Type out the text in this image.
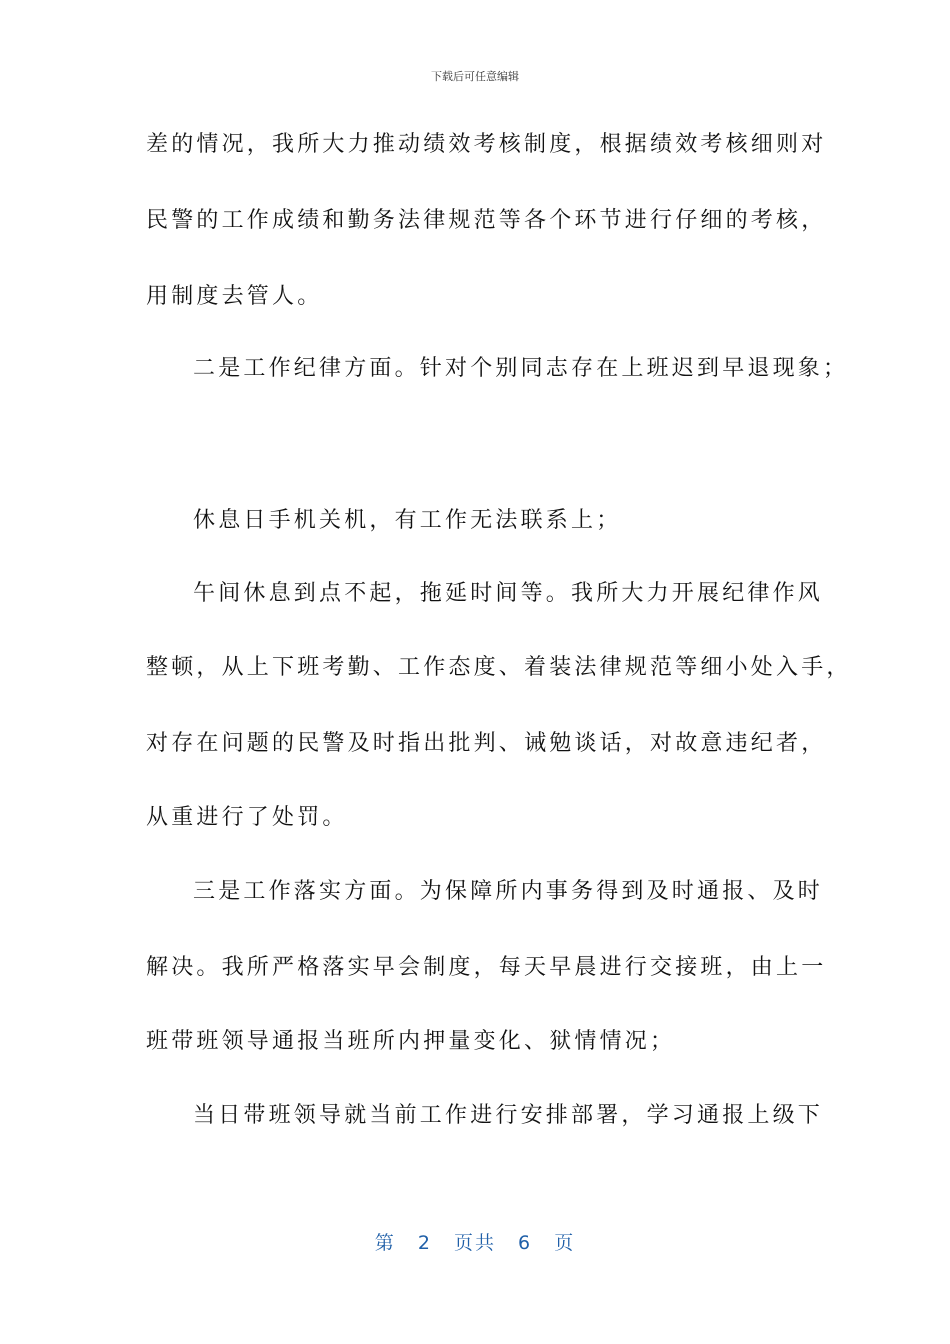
下载后可任意编辑
差的情况，我所大力推动绩效考核制度，根据绩效考核细则对
民警的工作成绩和勤务法律规范等各个环节进行仔细的考核，
用制度去管人。
二是工作纪律方面。针对个别同志存在上班迟到早退现象；
休息日手机关机，有工作无法联系上；
午间休息到点不起，拖延时间等。我所大力开展纪律作风
整顿，从上下班考勤、工作态度、着装法律规范等细小处入手，
对存在问题的民警及时指出批判、诫勉谈话，对故意违纪者，
从重进行了处罚。
三是工作落实方面。为保障所内事务得到及时通报、及时
解决。我所严格落实早会制度，每天早晨进行交接班，由上一
班带班领导通报当班所内押量变化、狱情情况；
当日带班领导就当前工作进行安排部署，学习通报上级下
第 2 页共 6 页
